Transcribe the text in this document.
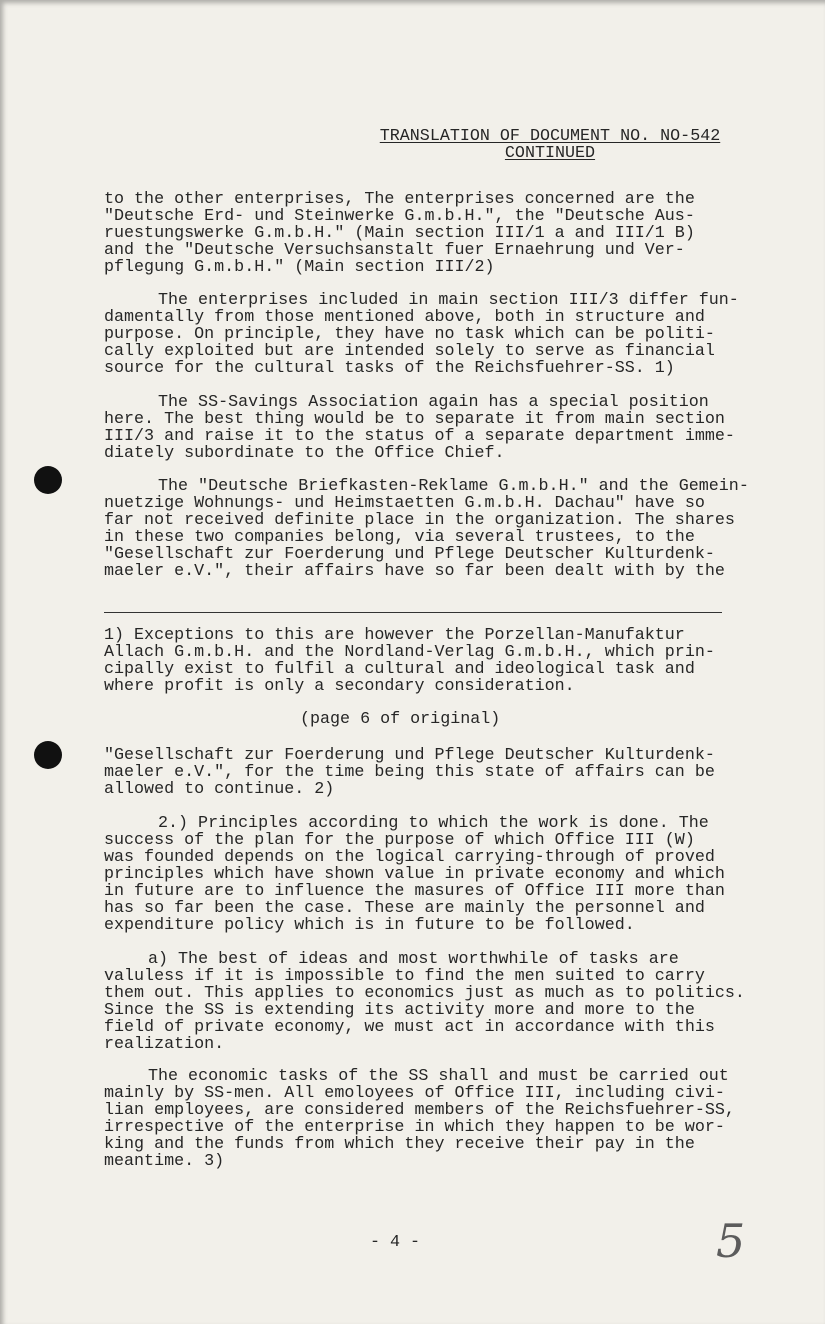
TRANSLATION OF DOCUMENT NO. NO-542
CONTINUED
to the other enterprises, The enterprises concerned are the
"Deutsche Erd- und Steinwerke G.m.b.H.", the "Deutsche Aus-
ruestungswerke G.m.b.H." (Main section III/1 a and III/1 B)
and the "Deutsche Versuchsanstalt fuer Ernaehrung und Ver-
pflegung G.m.b.H." (Main section III/2)
The enterprises included in main section III/3 differ fun-
damentally from those mentioned above, both in structure and
purpose. On principle, they have no task which can be politi-
cally exploited but are intended solely to serve as financial
source for the cultural tasks of the Reichsfuehrer-SS. 1)
The SS-Savings Association again has a special position
here. The best thing would be to separate it from main section
III/3 and raise it to the status of a separate department imme-
diately subordinate to the Office Chief.
The "Deutsche Briefkasten-Reklame G.m.b.H." and the Gemein-
nuetzige Wohnungs- und Heimstaetten G.m.b.H. Dachau" have so
far not received definite place in the organization. The shares
in these two companies belong, via several trustees, to the
"Gesellschaft zur Foerderung und Pflege Deutscher Kulturdenk-
maeler e.V.", their affairs have so far been dealt with by the
1) Exceptions to this are however the Porzellan-Manufaktur
Allach G.m.b.H. and the Nordland-Verlag G.m.b.H., which prin-
cipally exist to fulfil a cultural and ideological task and
where profit is only a secondary consideration.
(page 6 of original)
"Gesellschaft zur Foerderung und Pflege Deutscher Kulturdenk-
maeler e.V.", for the time being this state of affairs can be
allowed to continue. 2)
2.) Principles according to which the work is done. The
success of the plan for the purpose of which Office III (W)
was founded depends on the logical carrying-through of proved
principles which have shown value in private economy and which
in future are to influence the masures of Office III more than
has so far been the case. These are mainly the personnel and
expenditure policy which is in future to be followed.
a) The best of ideas and most worthwhile of tasks are
valuless if it is impossible to find the men suited to carry
them out. This applies to economics just as much as to politics.
Since the SS is extending its activity more and more to the
field of private economy, we must act in accordance with this
realization.
The economic tasks of the SS shall and must be carried out
mainly by SS-men. All emoloyees of Office III, including civi-
lian employees, are considered members of the Reichsfuehrer-SS,
irrespective of the enterprise in which they happen to be wor-
king and the funds from which they receive their pay in the
meantime. 3)
- 4 -	5
